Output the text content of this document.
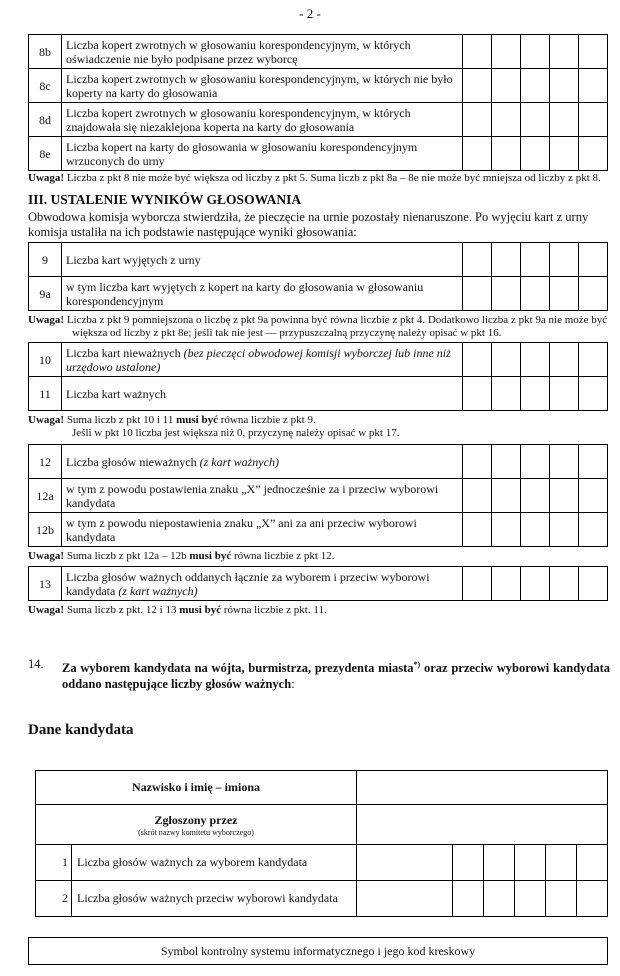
- 2 -
8b	Liczba kopert zwrotnych w głosowaniu korespondencyjnym, w których oświadczenie nie było podpisane przez wyborcę					
8c	Liczba kopert zwrotnych w głosowaniu korespondencyjnym, w których nie było koperty na karty do głosowania					
8d	Liczba kopert zwrotnych w głosowaniu korespondencyjnym, w których znajdowała się niezaklejona koperta na karty do głosowania					
8e	Liczba kopert na karty do głosowania w głosowaniu korespondencyjnym wrzuconych do urny					
Uwaga! Liczba z pkt 8 nie może być większa od liczby z pkt 5. Suma liczb z pkt 8a – 8e nie może być mniejsza od liczby z pkt 8.
III. USTALENIE WYNIKÓW GŁOSOWANIA
Obwodowa komisja wyborcza stwierdziła, że pieczęcie na urnie pozostały nienaruszone. Po wyjęciu kart z urny komisja ustaliła na ich podstawie następujące wyniki głosowania:
9	Liczba kart wyjętych z urny					
9a	w tym liczba kart wyjętych z kopert na karty do głosowania w głosowaniu korespondencyjnym					
Uwaga! Liczba z pkt 9 pomniejszona o liczbę z pkt 9a powinna być równa liczbie z pkt 4. Dodatkowo liczba z pkt 9a nie może być
większa od liczby z pkt 8e; jeśli tak nie jest — przypuszczalną przyczynę należy opisać w pkt 16.
10	Liczba kart nieważnych (bez pieczęci obwodowej komisji wyborczej lub inne niż urzędowo ustalone)					
11	Liczba kart ważnych					
Uwaga! Suma liczb z pkt 10 i 11 musi być równa liczbie z pkt 9.
Jeśli w pkt 10 liczba jest większa niż 0, przyczynę należy opisać w pkt 17.
12	Liczba głosów nieważnych (z kart ważnych)					
12a	w tym z powodu postawienia znaku „X” jednocześnie za i przeciw wyborowi kandydata					
12b	w tym z powodu niepostawienia znaku „X” ani za ani przeciw wyborowi kandydata					
Uwaga! Suma liczb z pkt 12a – 12b musi być równa liczbie z pkt 12.
13	Liczba głosów ważnych oddanych łącznie za wyborem i przeciw wyborowi kandydata (z kart ważnych)					
Uwaga! Suma liczb z pkt. 12 i 13 musi być równa liczbie z pkt. 11.
14. Za wyborem kandydata na wójta, burmistrza, prezydenta miasta*) oraz przeciw wyborowi kandydata oddano następujące liczby głosów ważnych:
Dane kandydata
Nazwisko i imię – imiona							
Zgłoszony przez
(skrót nazwy komitetu wyborczego)							

1	Liczba głosów ważnych za wyborem kandydata						
2	Liczba głosów ważnych przeciw wyborowi kandydata						
Symbol kontrolny systemu informatycznego i jego kod kreskowy
